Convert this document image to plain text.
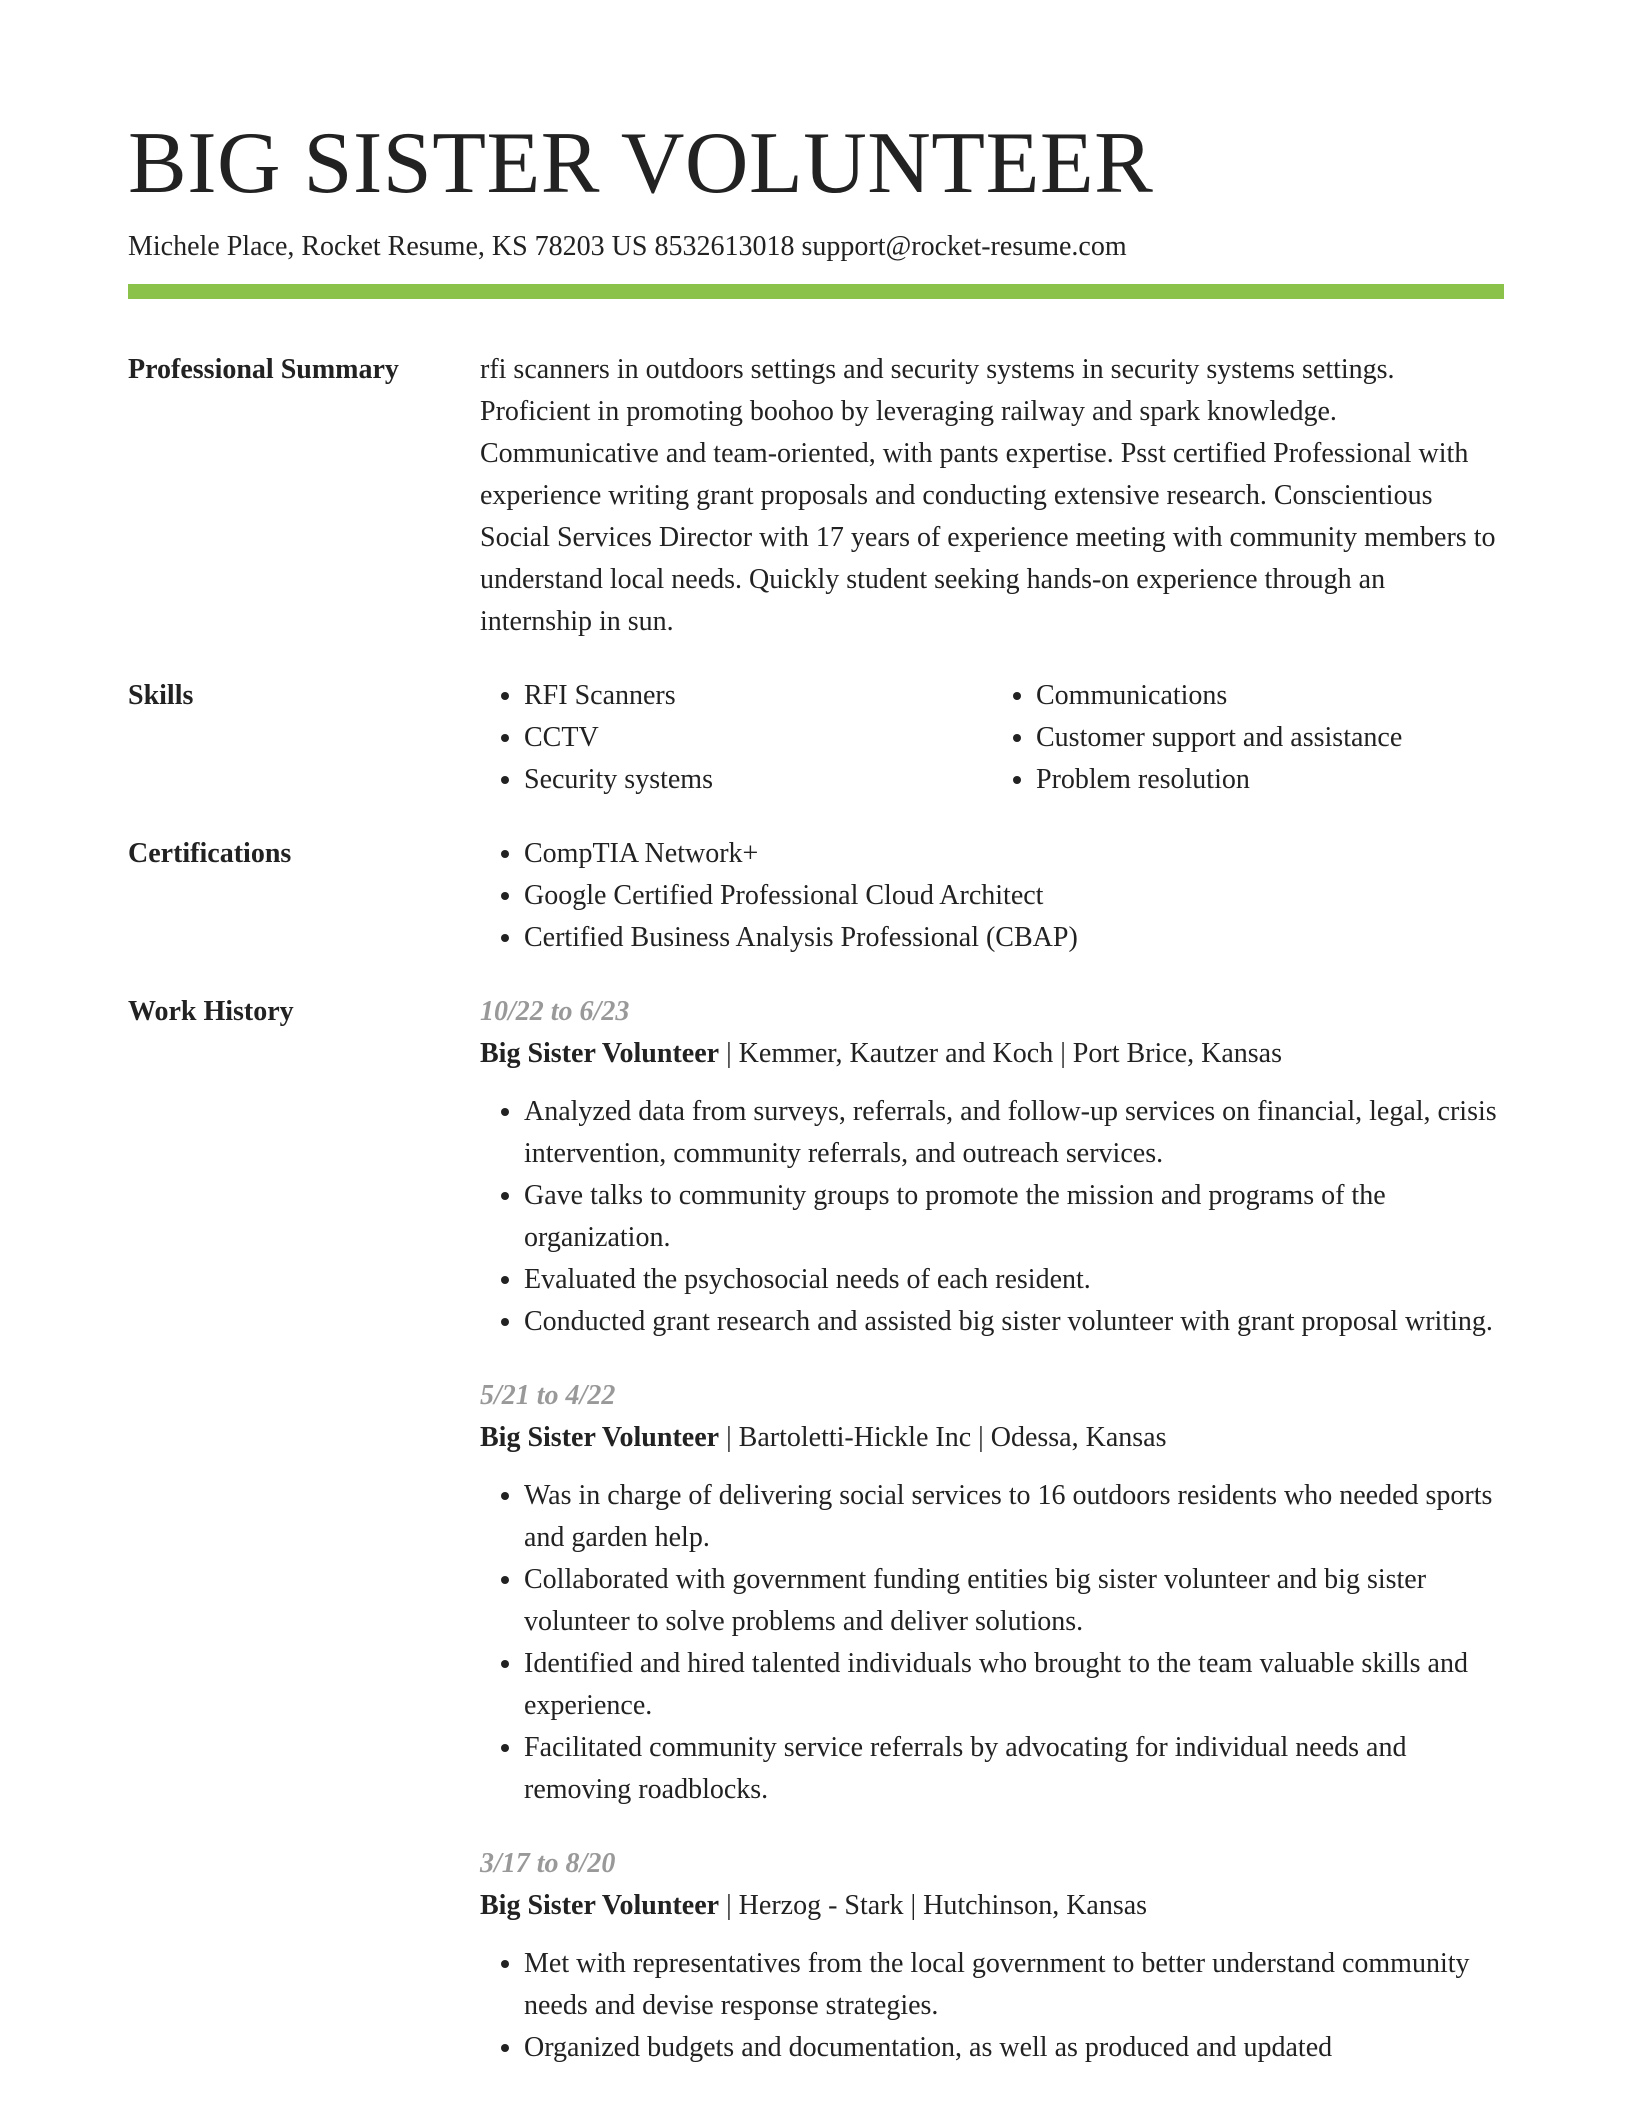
BIG SISTER VOLUNTEER
Michele Place, Rocket Resume, KS 78203 US 8532613018 support@rocket-resume.com
Professional Summary	rfi scanners in outdoors settings and security systems in security systems settings. Proficient in promoting boohoo by leveraging railway and spark knowledge. Communicative and team-oriented, with pants expertise. Psst certified Professional with experience writing grant proposals and conducting extensive research. Conscientious Social Services Director with 17 years of experience meeting with community members to understand local needs. Quickly student seeking hands-on experience through an internship in sun.
Skills	• RFI Scanners
• CCTV
• Security systems
• Communications
• Customer support and assistance
• Problem resolution
Certifications	• CompTIA Network+
• Google Certified Professional Cloud Architect
• Certified Business Analysis Professional (CBAP)
Work History	10/22 to 6/23
Big Sister Volunteer | Kemmer, Kautzer and Koch | Port Brice, Kansas
• Analyzed data from surveys, referrals, and follow-up services on financial, legal, crisis intervention, community referrals, and outreach services.
• Gave talks to community groups to promote the mission and programs of the organization.
• Evaluated the psychosocial needs of each resident.
• Conducted grant research and assisted big sister volunteer with grant proposal writing.
5/21 to 4/22
Big Sister Volunteer | Bartoletti-Hickle Inc | Odessa, Kansas
• Was in charge of delivering social services to 16 outdoors residents who needed sports and garden help.
• Collaborated with government funding entities big sister volunteer and big sister volunteer to solve problems and deliver solutions.
• Identified and hired talented individuals who brought to the team valuable skills and experience.
• Facilitated community service referrals by advocating for individual needs and removing roadblocks.
3/17 to 8/20
Big Sister Volunteer | Herzog - Stark | Hutchinson, Kansas
• Met with representatives from the local government to better understand community needs and devise response strategies.
• Organized budgets and documentation, as well as produced and updated
